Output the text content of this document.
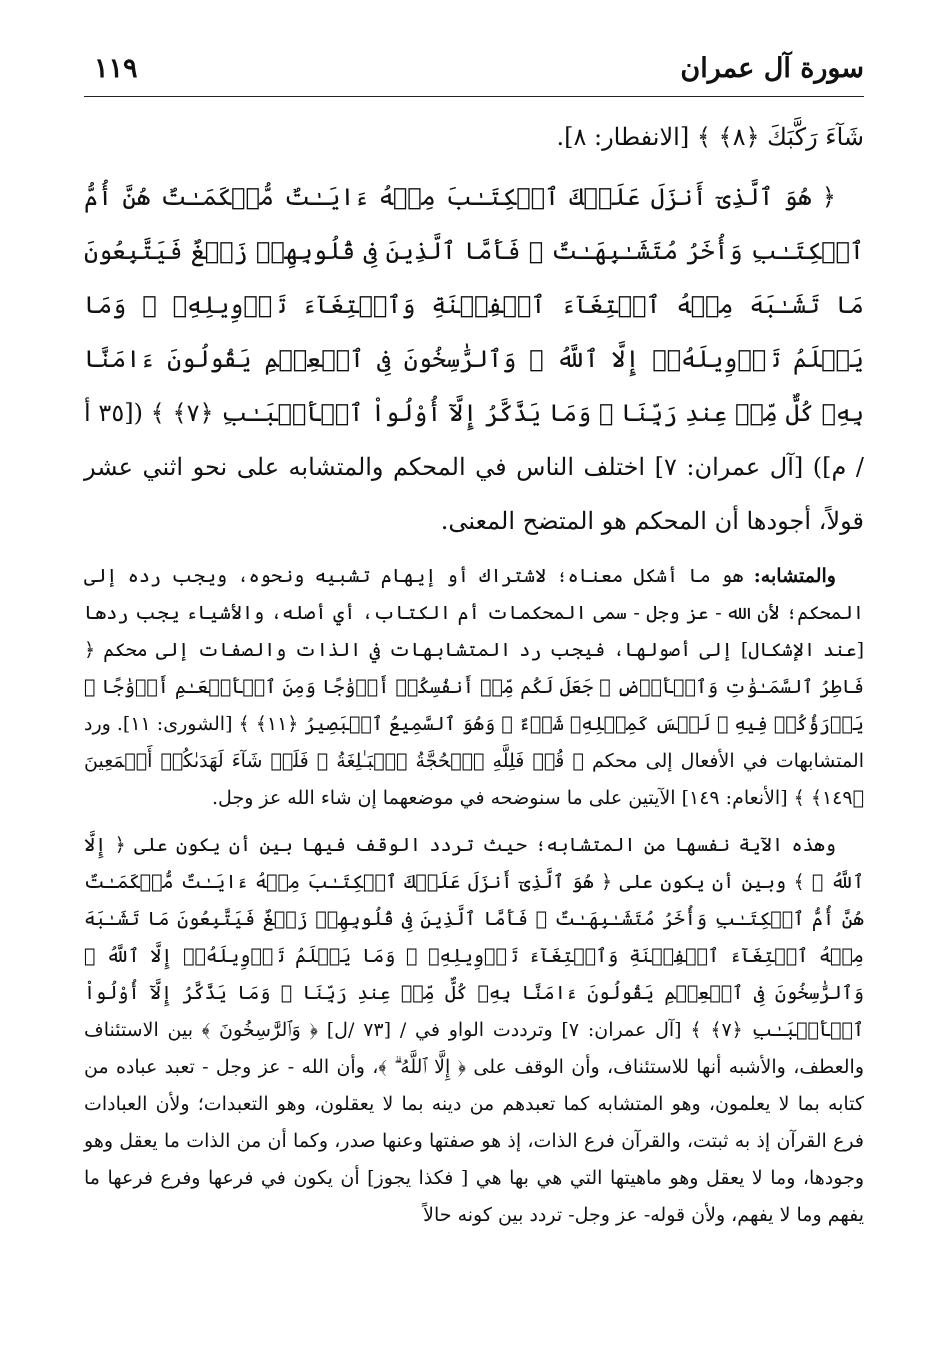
سورة آل عمران
١١٩

شَآءَ رَكَّبَكَ ﴿٨﴾ ﴾ [الانفطار: ٨].

﴿ هُوَ ٱلَّذِىٓ أَنزَلَ عَلَيۡكَ ٱلۡكِتَـٰبَ مِنۡهُ ءَايَـٰتٌ مُّحۡكَمَـٰتٌ هُنَّ أُمُّ ٱلۡكِتَـٰبِ وَأُخَرُ مُتَشَـٰبِهَـٰتٌ ۖ فَأَمَّا ٱلَّذِينَ فِى قُلُوبِهِمۡ زَيۡغٌ فَيَتَّبِعُونَ مَا تَشَـٰبَهَ مِنۡهُ ٱبۡتِغَآءَ ٱلۡفِتۡنَةِ وَٱبۡتِغَآءَ تَأۡوِيلِهِۦ ۗ وَمَا يَعۡلَمُ تَأۡوِيلَهُۥٓ إِلَّا ٱللَّهُ ۗ وَٱلرَّٰسِخُونَ فِى ٱلۡعِلۡمِ يَقُولُونَ ءَامَنَّا بِهِۦ كُلٌّ مِّنۡ عِندِ رَبِّنَا ۗ وَمَا يَذَّكَّرُ إِلَّآ أُوْلُواْ ٱلۡأَلۡبَـٰبِ ﴿٧﴾ ﴾ ([٣٥ أ / م]) [آل عمران: ٧] اختلف الناس في المحكم والمتشابه على نحو اثني عشر قولاً، أجودها أن المحكم هو المتضح المعنى.

والمتشابه: هو ما أشكل معناه؛ لاشتراك أو إيهام تشبيه ونحوه، ويجب رده إلى المحكم؛ لأن الله - عز وجل - سمى المحكمات أم الكتاب، أي أصله، والأشياء يجب ردها [عند الإشكال] إلى أصولها، فيجب رد المتشابهات في الذات والصفات إلى محكم ﴿ فَاطِرُ ٱلسَّمَـٰوَٰتِ وَٱلۡأَرۡضِ ۚ جَعَلَ لَكُم مِّنۡ أَنفُسِكُمۡ أَزۡوَٰجًا وَمِنَ ٱلۡأَنۡعَـٰمِ أَزۡوَٰجًا ۖ يَذۡرَؤُكُمۡ فِيهِ ۚ لَيۡسَ كَمِثۡلِهِۦ شَىۡءٌ ۖ وَهُوَ ٱلسَّمِيعُ ٱلۡبَصِيرُ ﴿١١﴾ ﴾ [الشورى: ١١]. ورد المتشابهات في الأفعال إلى محكم ﴿ قُلۡ فَلِلَّهِ ٱلۡحُجَّةُ ٱلۡبَـٰلِغَةُ ۖ فَلَوۡ شَآءَ لَهَدَىٰكُمۡ أَجۡمَعِينَ ﴿١٤٩﴾ ﴾ [الأنعام: ١٤٩] الآيتين على ما سنوضحه في موضعهما إن شاء الله عز وجل.

وهذه الآية نفسها من المتشابه؛ حيث تردد الوقف فيها بين أن يكون على ﴿ إِلَّا ٱللَّهُ ۗ ﴾ وبين أن يكون على ﴿ هُوَ ٱلَّذِىٓ أَنزَلَ عَلَيۡكَ ٱلۡكِتَـٰبَ مِنۡهُ ءَايَـٰتٌ مُّحۡكَمَـٰتٌ هُنَّ أُمُّ ٱلۡكِتَـٰبِ وَأُخَرُ مُتَشَـٰبِهَـٰتٌ ۖ فَأَمَّا ٱلَّذِينَ فِى قُلُوبِهِمۡ زَيۡغٌ فَيَتَّبِعُونَ مَا تَشَـٰبَهَ مِنۡهُ ٱبۡتِغَآءَ ٱلۡفِتۡنَةِ وَٱبۡتِغَآءَ تَأۡوِيلِهِۦ ۗ وَمَا يَعۡلَمُ تَأۡوِيلَهُۥٓ إِلَّا ٱللَّهُ ۗ وَٱلرَّٰسِخُونَ فِى ٱلۡعِلۡمِ يَقُولُونَ ءَامَنَّا بِهِۦ كُلٌّ مِّنۡ عِندِ رَبِّنَا ۗ وَمَا يَذَّكَّرُ إِلَّآ أُوْلُواْ ٱلۡأَلۡبَـٰبِ ﴿٧﴾ ﴾ [آل عمران: ٧] وترددت الواو في / [٧٣ /ل] ﴿ وَٱلرَّٰسِخُونَ ﴾ بين الاستئناف والعطف، والأشبه أنها للاستئناف، وأن الوقف على ﴿ إِلَّا ٱللَّهُ ۗ ﴾، وأن الله - عز وجل - تعبد عباده من كتابه بما لا يعلمون، وهو المتشابه كما تعبدهم من دينه بما لا يعقلون، وهو التعبدات؛ ولأن العبادات فرع القرآن إذ به ثبتت، والقرآن فرع الذات، إذ هو صفتها وعنها صدر، وكما أن من الذات ما يعقل وهو وجودها، وما لا يعقل وهو ماهيتها التي هي بها هي [ فكذا يجوز] أن يكون في فرعها وفرع فرعها ما يفهم وما لا يفهم، ولأن قوله- عز وجل- تردد بين كونه حالاً
